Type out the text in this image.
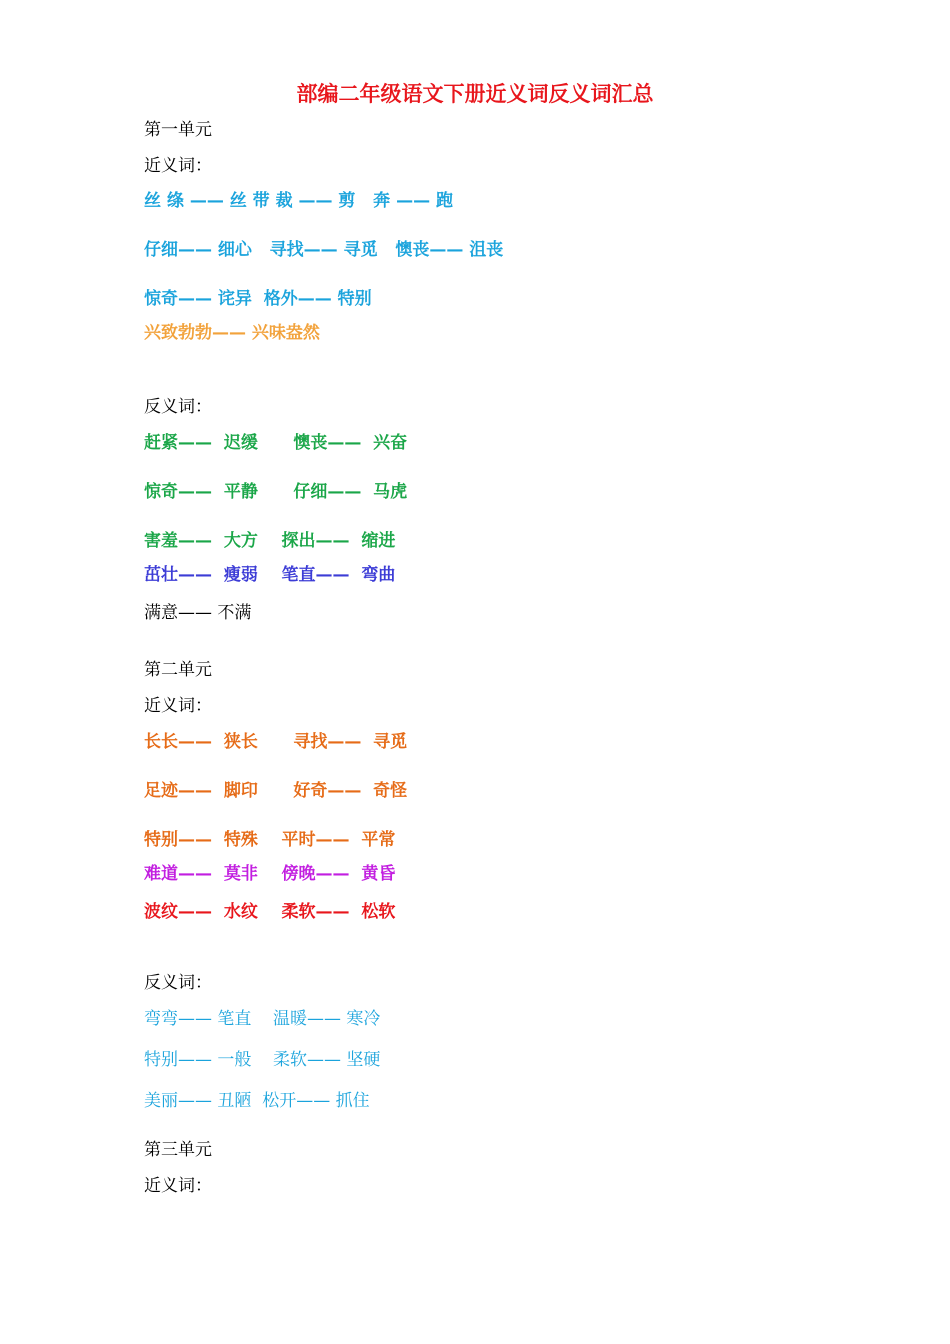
部编二年级语文下册近义词反义词汇总
第一单元
近义词：
丝 绦 —— 丝 带 裁 —— 剪   奔 —— 跑
仔细—— 细心   寻找—— 寻觅   懊丧—— 沮丧
惊奇—— 诧异  格外—— 特别
兴致勃勃—— 兴味盎然
反义词：
赶紧——  迟缓      懊丧——  兴奋
惊奇——  平静      仔细——  马虎
害羞——  大方    探出——  缩进
茁壮——  瘦弱    笔直——  弯曲
满意—— 不满
第二单元
近义词：
长长——  狭长      寻找——  寻觅
足迹——  脚印      好奇——  奇怪
特别——  特殊    平时——  平常
难道——  莫非    傍晚——  黄昏
波纹——  水纹    柔软——  松软
反义词：
弯弯—— 笔直    温暖—— 寒冷
特别—— 一般    柔软—— 坚硬
美丽—— 丑陋  松开—— 抓住
第三单元
近义词：
